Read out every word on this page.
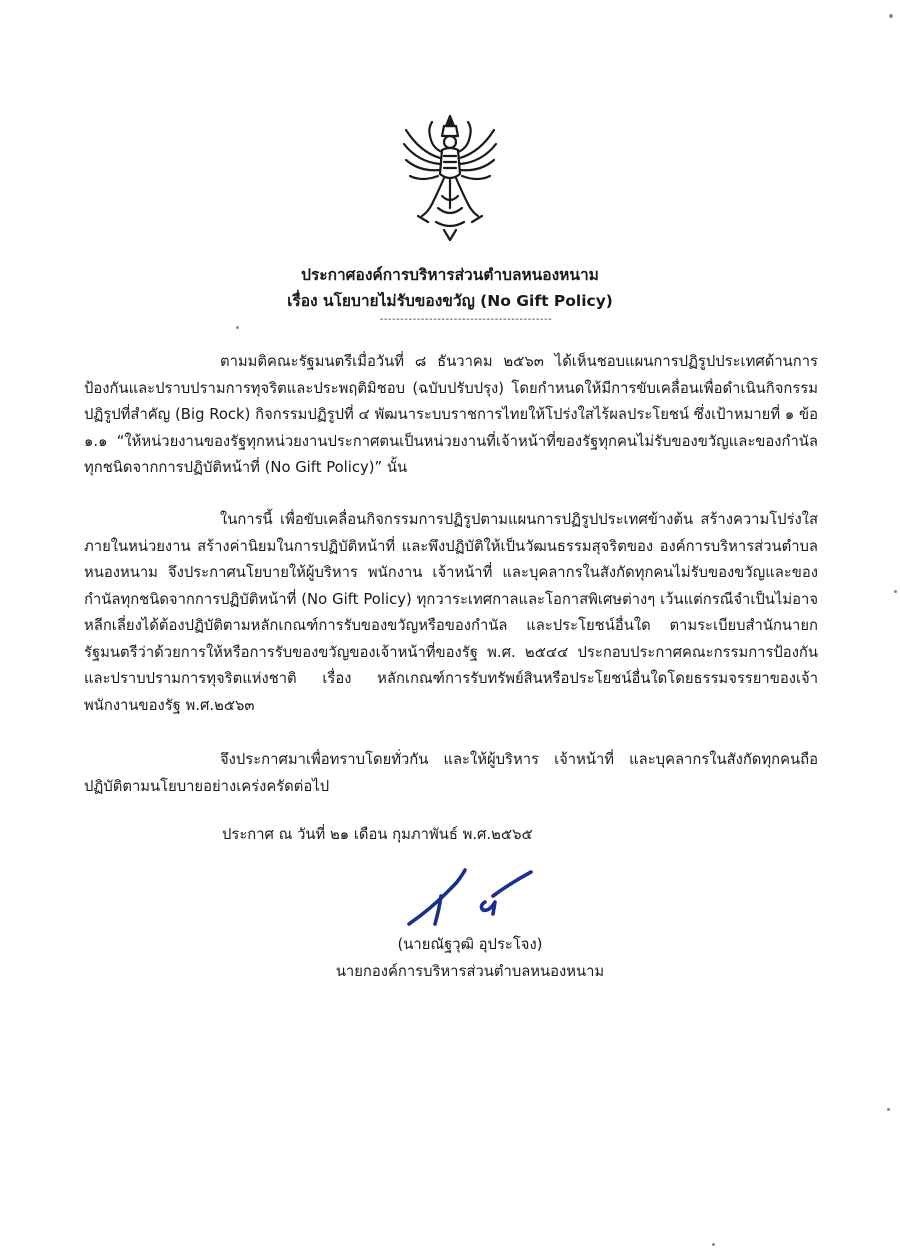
ประกาศองค์การบริหารส่วนตำบลหนองหนาม
เรื่อง นโยบายไม่รับของขวัญ (No Gift Policy)
------------------------------------------
ตามมติคณะรัฐมนตรีเมื่อวันที่ ๘ ธันวาคม ๒๕๖๓ ได้เห็นชอบแผนการปฏิรูปประเทศด้านการป้องกันและปราบปรามการทุจริตและประพฤติมิชอบ (ฉบับปรับปรุง) โดยกำหนดให้มีการขับเคลื่อนเพื่อดำเนินกิจกรรมปฏิรูปที่สำคัญ (Big Rock) กิจกรรมปฏิรูปที่ ๔ พัฒนาระบบราชการไทยให้โปร่งใสไร้ผลประโยชน์ ซึ่งเป้าหมายที่ ๑ ข้อ ๑.๑ “ให้หน่วยงานของรัฐทุกหน่วยงานประกาศตนเป็นหน่วยงานที่เจ้าหน้าที่ของรัฐทุกคนไม่รับของขวัญและของกำนัลทุกชนิดจากการปฏิบัติหน้าที่ (No Gift Policy)” นั้น
ในการนี้ เพื่อขับเคลื่อนกิจกรรมการปฏิรูปตามแผนการปฏิรูปประเทศข้างต้น สร้างความโปร่งใสภายในหน่วยงาน สร้างค่านิยมในการปฏิบัติหน้าที่ และพึงปฏิบัติให้เป็นวัฒนธรรมสุจริตของ องค์การบริหารส่วนตำบลหนองหนาม จึงประกาศนโยบายให้ผู้บริหาร พนักงาน เจ้าหน้าที่ และบุคลากรในสังกัดทุกคนไม่รับของขวัญและของกำนัลทุกชนิดจากการปฏิบัติหน้าที่ (No Gift Policy) ทุกวาระเทศกาลและโอกาสพิเศษต่างๆ เว้นแต่กรณีจำเป็นไม่อาจหลีกเลี่ยงได้ต้องปฏิบัติตามหลักเกณฑ์การรับของขวัญหรือของกำนัล และประโยชน์อื่นใด ตามระเบียบสำนักนายกรัฐมนตรีว่าด้วยการให้หรือการรับของขวัญของเจ้าหน้าที่ของรัฐ พ.ศ. ๒๕๔๔ ประกอบประกาศคณะกรรมการป้องกันและปราบปรามการทุจริตแห่งชาติ เรื่อง หลักเกณฑ์การรับทรัพย์สินหรือประโยชน์อื่นใดโดยธรรมจรรยาของเจ้าพนักงานของรัฐ พ.ศ.๒๕๖๓
จึงประกาศมาเพื่อทราบโดยทั่วกัน และให้ผู้บริหาร เจ้าหน้าที่ และบุคลากรในสังกัดทุกคนถือปฏิบัติตามนโยบายอย่างเคร่งครัดต่อไป
ประกาศ ณ วันที่ ๒๑ เดือน กุมภาพันธ์ พ.ศ.๒๕๖๕
(นายณัฐวุฒิ อุประโจง)
นายกองค์การบริหารส่วนตำบลหนองหนาม
